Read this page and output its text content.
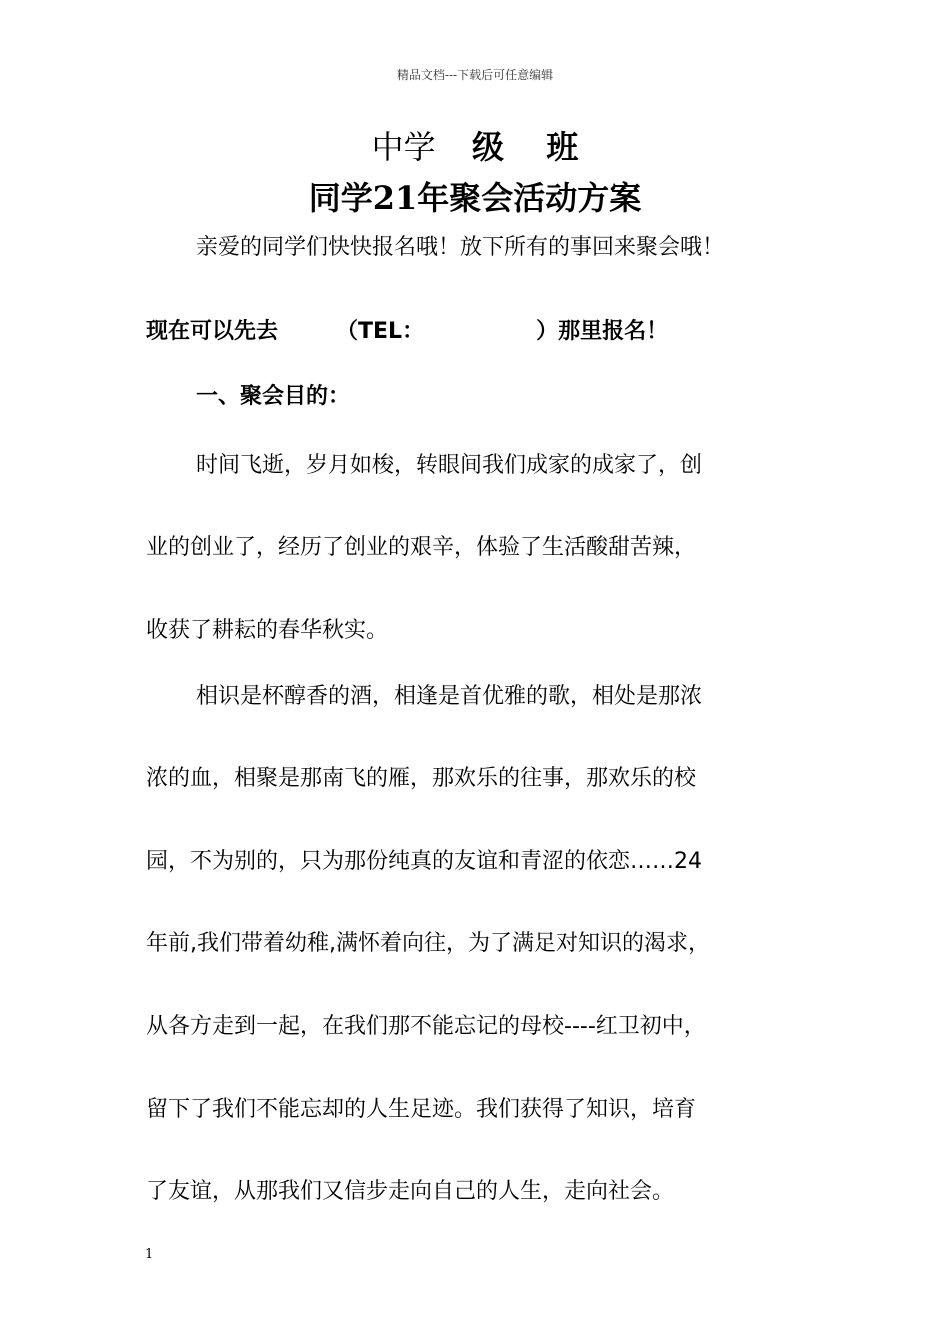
精品文档---下载后可任意编辑
中学 级 班
同学21年聚会活动方案
亲爱的同学们快快报名哦！放下所有的事回来聚会哦！
现在可以先去	（TEL：	）那里报名！
一、聚会目的：
时间飞逝，岁月如梭，转眼间我们成家的成家了，创
业的创业了，经历了创业的艰辛，体验了生活酸甜苦辣，
收获了耕耘的春华秋实。
相识是杯醇香的酒，相逢是首优雅的歌，相处是那浓
浓的血，相聚是那南飞的雁，那欢乐的往事，那欢乐的校
园，不为别的，只为那份纯真的友谊和青涩的依恋……24
年前,我们带着幼稚,满怀着向往，为了满足对知识的渴求，
从各方走到一起，在我们那不能忘记的母校----红卫初中，
留下了我们不能忘却的人生足迹。我们获得了知识，培育
了友谊，从那我们又信步走向自己的人生，走向社会。
1
